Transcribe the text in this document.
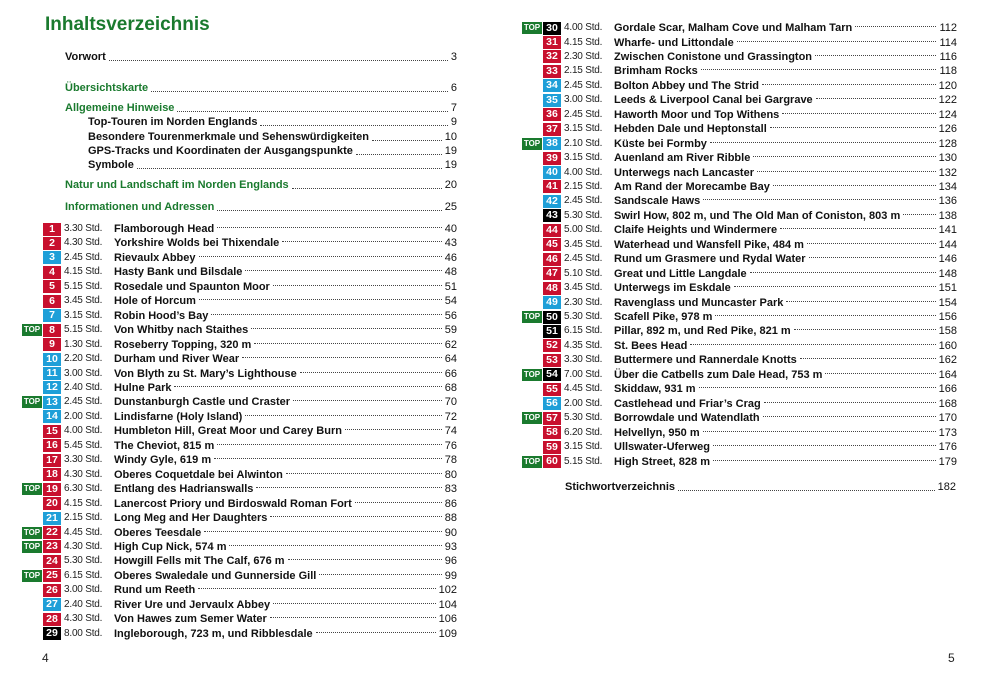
Inhaltsverzeichnis
Vorwort	3
Übersichtskarte	6
Allgemeine Hinweise	7
Top-Touren im Norden Englands	9
Besondere Tourenmerkmale und Sehenswürdigkeiten	10
GPS-Tracks und Koordinaten der Ausgangspunkte	19
Symbole	19
Natur und Landschaft im Norden Englands	20
Informationen und Adressen	25
1 3.30 Std.	Flamborough Head	40
2 4.30 Std.	Yorkshire Wolds bei Thixendale	43
3 2.45 Std.	Rievaulx Abbey	46
4 4.15 Std.	Hasty Bank und Bilsdale	48
5 5.15 Std.	Rosedale und Spaunton Moor	51
6 3.45 Std.	Hole of Horcum	54
7 3.15 Std.	Robin Hood’s Bay	56
TOP 8 5.15 Std.	Von Whitby nach Staithes	59
9 1.30 Std.	Roseberry Topping, 320 m	62
10 2.20 Std.	Durham und River Wear	64
11 3.00 Std.	Von Blyth zu St. Mary’s Lighthouse	66
12 2.40 Std.	Hulne Park	68
TOP 13 2.45 Std.	Dunstanburgh Castle und Craster	70
14 2.00 Std.	Lindisfarne (Holy Island)	72
15 4.00 Std.	Humbleton Hill, Great Moor und Carey Burn	74
16 5.45 Std.	The Cheviot, 815 m	76
17 3.30 Std.	Windy Gyle, 619 m	78
18 4.30 Std.	Oberes Coquetdale bei Alwinton	80
TOP 19 6.30 Std.	Entlang des Hadrianswalls	83
20 4.15 Std.	Lanercost Priory und Birdoswald Roman Fort	86
21 2.15 Std.	Long Meg and Her Daughters	88
TOP 22 4.45 Std.	Oberes Teesdale	90
TOP 23 4.30 Std.	High Cup Nick, 574 m	93
24 5.30 Std.	Howgill Fells mit The Calf, 676 m	96
TOP 25 6.15 Std.	Oberes Swaledale und Gunnerside Gill	99
26 3.00 Std.	Rund um Reeth	102
27 2.40 Std.	River Ure und Jervaulx Abbey	104
28 4.30 Std.	Von Hawes zum Semer Water	106
29 8.00 Std.	Ingleborough, 723 m, und Ribblesdale	109
4
TOP 30 4.00 Std.	Gordale Scar, Malham Cove und Malham Tarn	112
31 4.15 Std.	Wharfe- und Littondale	114
32 2.30 Std.	Zwischen Conistone und Grassington	116
33 2.15 Std.	Brimham Rocks	118
34 2.45 Std.	Bolton Abbey und The Strid	120
35 3.00 Std.	Leeds & Liverpool Canal bei Gargrave	122
36 2.45 Std.	Haworth Moor und Top Withens	124
37 3.15 Std.	Hebden Dale und Heptonstall	126
TOP 38 2.10 Std.	Küste bei Formby	128
39 3.15 Std.	Auenland am River Ribble	130
40 4.00 Std.	Unterwegs nach Lancaster	132
41 2.15 Std.	Am Rand der Morecambe Bay	134
42 2.45 Std.	Sandscale Haws	136
43 5.30 Std.	Swirl How, 802 m, und The Old Man of Coniston, 803 m	138
44 5.00 Std.	Claife Heights und Windermere	141
45 3.45 Std.	Waterhead und Wansfell Pike, 484 m	144
46 2.45 Std.	Rund um Grasmere und Rydal Water	146
47 5.10 Std.	Great und Little Langdale	148
48 3.45 Std.	Unterwegs im Eskdale	151
49 2.30 Std.	Ravenglass und Muncaster Park	154
TOP 50 5.30 Std.	Scafell Pike, 978 m	156
51 6.15 Std.	Pillar, 892 m, und Red Pike, 821 m	158
52 4.35 Std.	St. Bees Head	160
53 3.30 Std.	Buttermere und Rannerdale Knotts	162
TOP 54 7.00 Std.	Über die Catbells zum Dale Head, 753 m	164
55 4.45 Std.	Skiddaw, 931 m	166
56 2.00 Std.	Castlehead und Friar’s Crag	168
TOP 57 5.30 Std.	Borrowdale und Watendlath	170
58 6.20 Std.	Helvellyn, 950 m	173
59 3.15 Std.	Ullswater-Uferweg	176
TOP 60 5.15 Std.	High Street, 828 m	179
5
Stichwortverzeichnis	182
